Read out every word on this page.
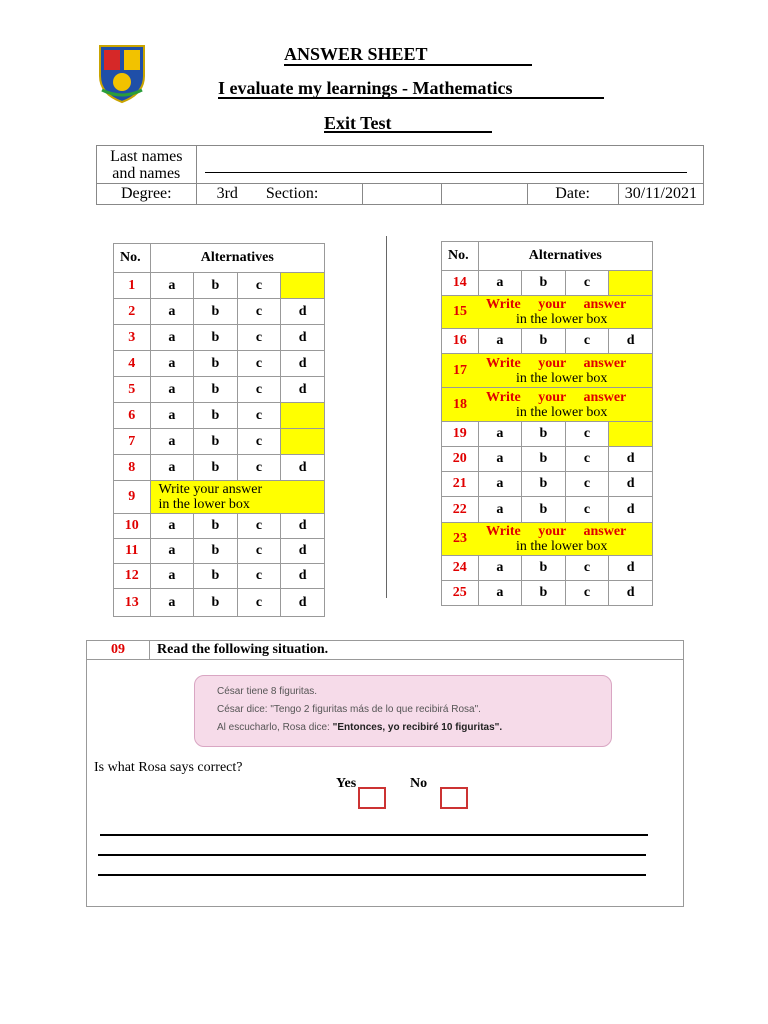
ANSWER SHEET
I evaluate my learnings - Mathematics
Exit Test
Last names and names					

Degree:	3rd Section:			Date:	30/11/2021
No.	Alternatives			
1	a	b	c	
2	a	b	c	d
3	a	b	c	d
4	a	b	c	d
5	a	b	c	d
6	a	b	c	
7	a	b	c	
8	a	b	c	d
9	Write your answer
in the lower box			

10	a	b	c	d
11	a	b	c	d
12	a	b	c	d
13	a	b	c	d
No.	Alternatives			
14	a	b	c	
15	Write your answer
in the lower box			

16	a	b	c	d
17	Write your answer
in the lower box			

18	Write your answer
in the lower box			

19	a	b	c	
20	a	b	c	d
21	a	b	c	d
22	a	b	c	d
23	Write your answer
in the lower box			

24	a	b	c	d
25	a	b	c	d
09	Read the following situation.
César tiene 8 figuritas.
César dice: "Tengo 2 figuritas más de lo que recibirá Rosa".
Al escucharlo, Rosa dice: "Entonces, yo recibiré 10 figuritas".
Is what Rosa says correct?
Yes	No
